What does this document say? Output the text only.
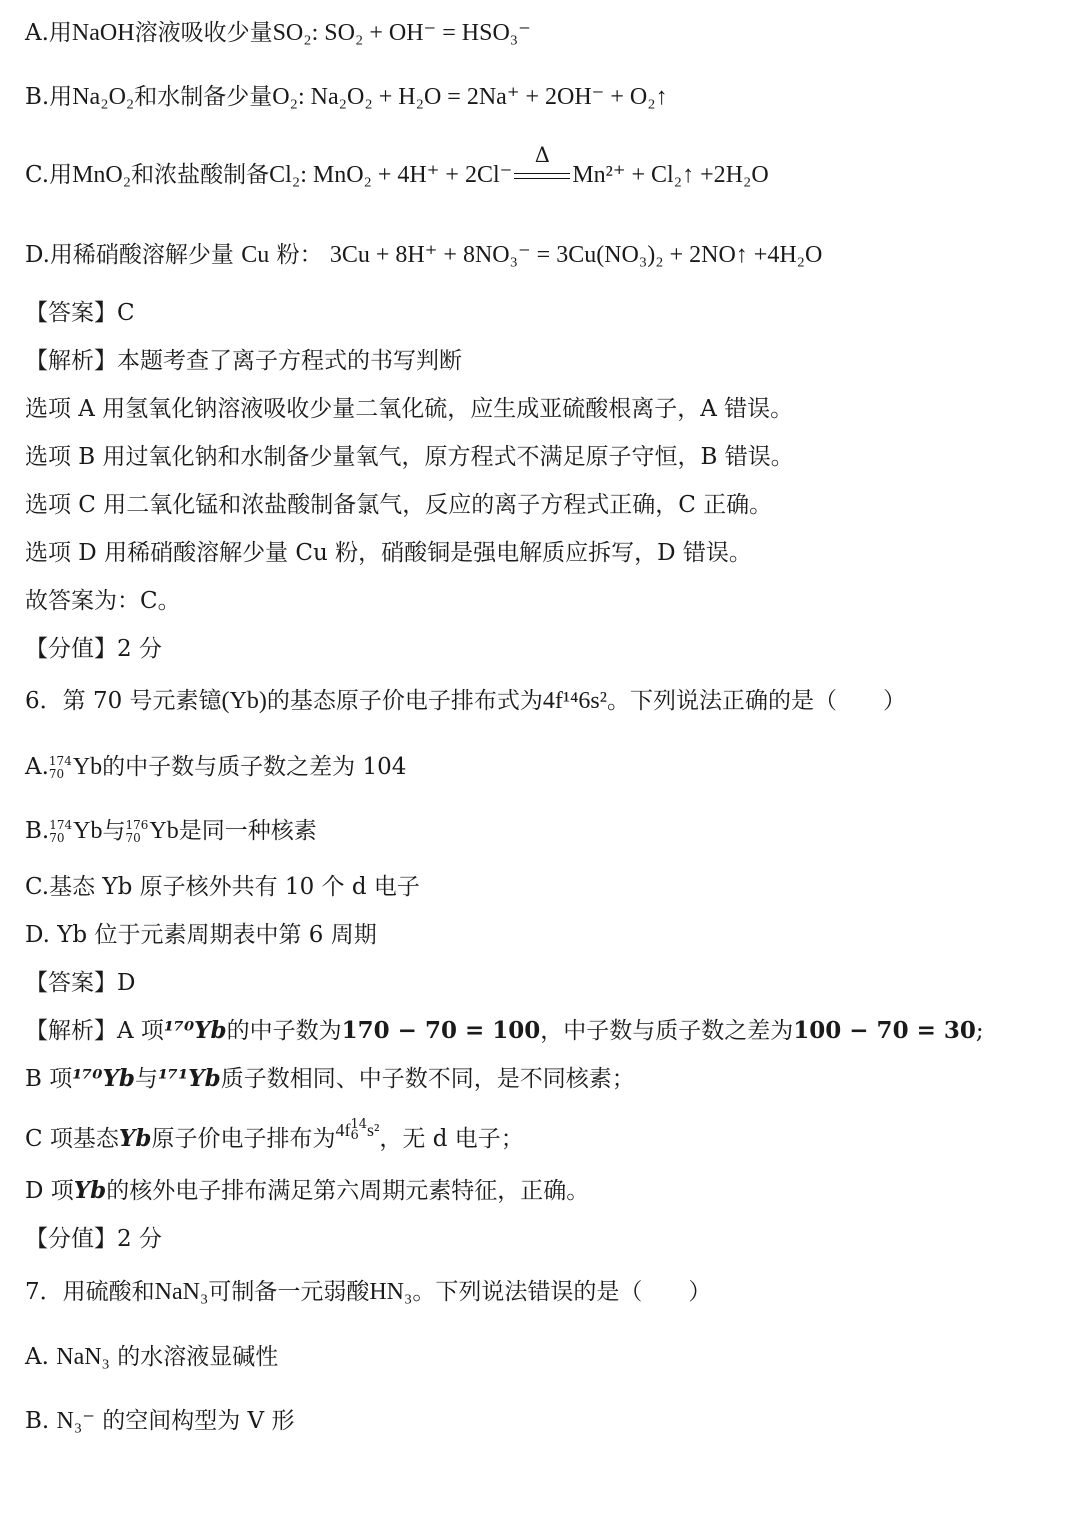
A.用NaOH溶液吸收少量SO₂: SO₂ + OH⁻ = HSO₃⁻
B.用Na₂O₂和水制备少量O₂: Na₂O₂ + H₂O = 2Na⁺ + 2OH⁻ + O₂↑
C.用MnO₂和浓盐酸制备Cl₂: MnO₂ + 4H⁺ + 2Cl⁻
Δ
Mn²⁺ + Cl₂↑ +2H₂O
D.用稀硝酸溶解少量 Cu 粉： 3Cu + 8H⁺ + 8NO₃⁻ = 3Cu(NO₃)₂ + 2NO↑ +4H₂O
【答案】C
【解析】本题考查了离子方程式的书写判断
选项 A 用氢氧化钠溶液吸收少量二氧化硫，应生成亚硫酸根离子，A 错误。
选项 B 用过氧化钠和水制备少量氧气，原方程式不满足原子守恒，B 错误。
选项 C 用二氧化锰和浓盐酸制备氯气，反应的离子方程式正确，C 正确。
选项 D 用稀硝酸溶解少量 Cu 粉，硝酸铜是强电解质应拆写，D 错误。
故答案为：C。
【分值】2 分
6．第 70 号元素镱(Yb)的基态原子价电子排布式为4f¹⁴6s²。下列说法正确的是（　　）
A. 174
70 Yb的中子数与质子数之差为 104
B. 174
70 Yb与 176
70 Yb是同一种核素
C.基态 Yb 原子核外共有 10 个 d 电子
D. Yb 位于元素周期表中第 6 周期
【答案】D
【解析】A 项¹⁷⁰Yb的中子数为170 − 70 = 100，中子数与质子数之差为100 − 70 = 30;
B 项¹⁷⁰Yb与¹⁷¹Yb质子数相同、中子数不同，是不同核素；
C 项基态Yb原子价电子排布为$^{4f}$ 14
6 $^{s^2}$，无 d 电子；
D 项Yb的核外电子排布满足第六周期元素特征，正确。
【分值】2 分
7．用硫酸和NaN₃可制备一元弱酸HN₃。下列说法错误的是（　　）
A. NaN₃ 的水溶液显碱性
B. N₃⁻ 的空间构型为 V 形
